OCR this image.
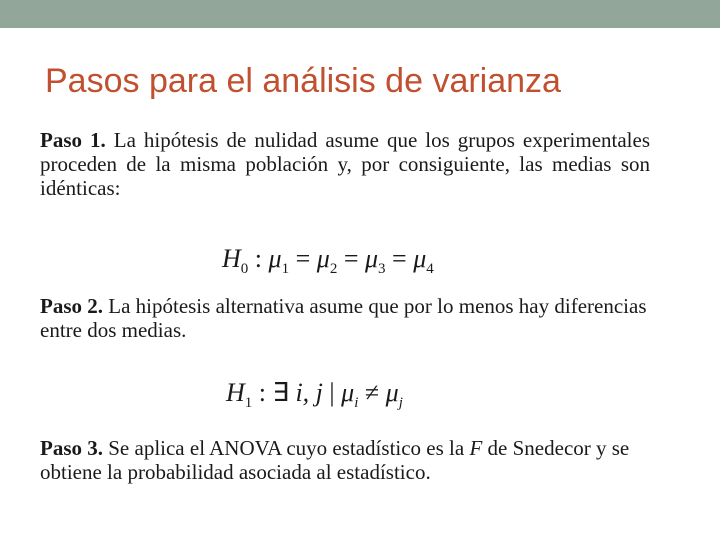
Pasos para el análisis de varianza
Paso 1. La hipótesis de nulidad asume que los grupos experimentales proceden de la misma población y, por consiguiente, las medias son idénticas:
$H_0$ : $\mu_1 = \mu_2 = \mu_3 = \mu_4$
Paso 2. La hipótesis alternativa asume que por lo menos hay diferencias entre dos medias.
$H_1$ : ∃ i, j | $\mu_i \ne \mu_j$
Paso 3. Se aplica el ANOVA cuyo estadístico es la F de Snedecor y se obtiene la probabilidad asociada al estadístico.
